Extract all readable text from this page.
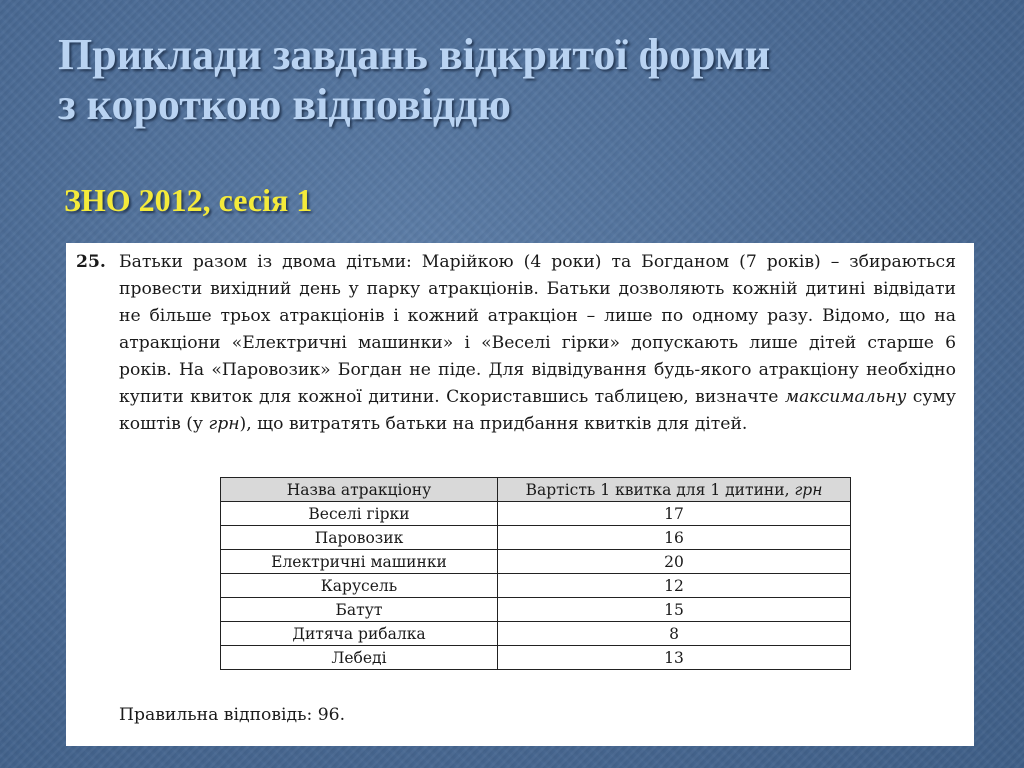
Приклади завдань відкритої форми
з короткою відповіддю
ЗНО 2012, сесія 1

25. Батьки разом із двома дітьми: Марійкою (4 роки) та Богданом (7 років) – збираються провести вихідний день у парку атракціонів. Батьки дозволяють кожній дитині відвідати не більше трьох атракціонів і кожний атракціон – лише по одному разу. Відомо, що на атракціони «Електричні машинки» і «Веселі гірки» допускають лише дітей старше 6 років. На «Паровозик» Богдан не піде. Для відвідування будь-якого атракціону необхідно купити квиток для кожної дитини. Скориставшись таблицею, визначте максимальну суму коштів (у грн), що витратять батьки на придбання квитків для дітей.

Назва атракціону	Вартість 1 квитка для 1 дитини, грн
Веселі гірки	17
Паровозик	16
Електричні машинки	20
Карусель	12
Батут	15
Дитяча рибалка	8
Лебеді	13

Правильна відповідь: 96.
